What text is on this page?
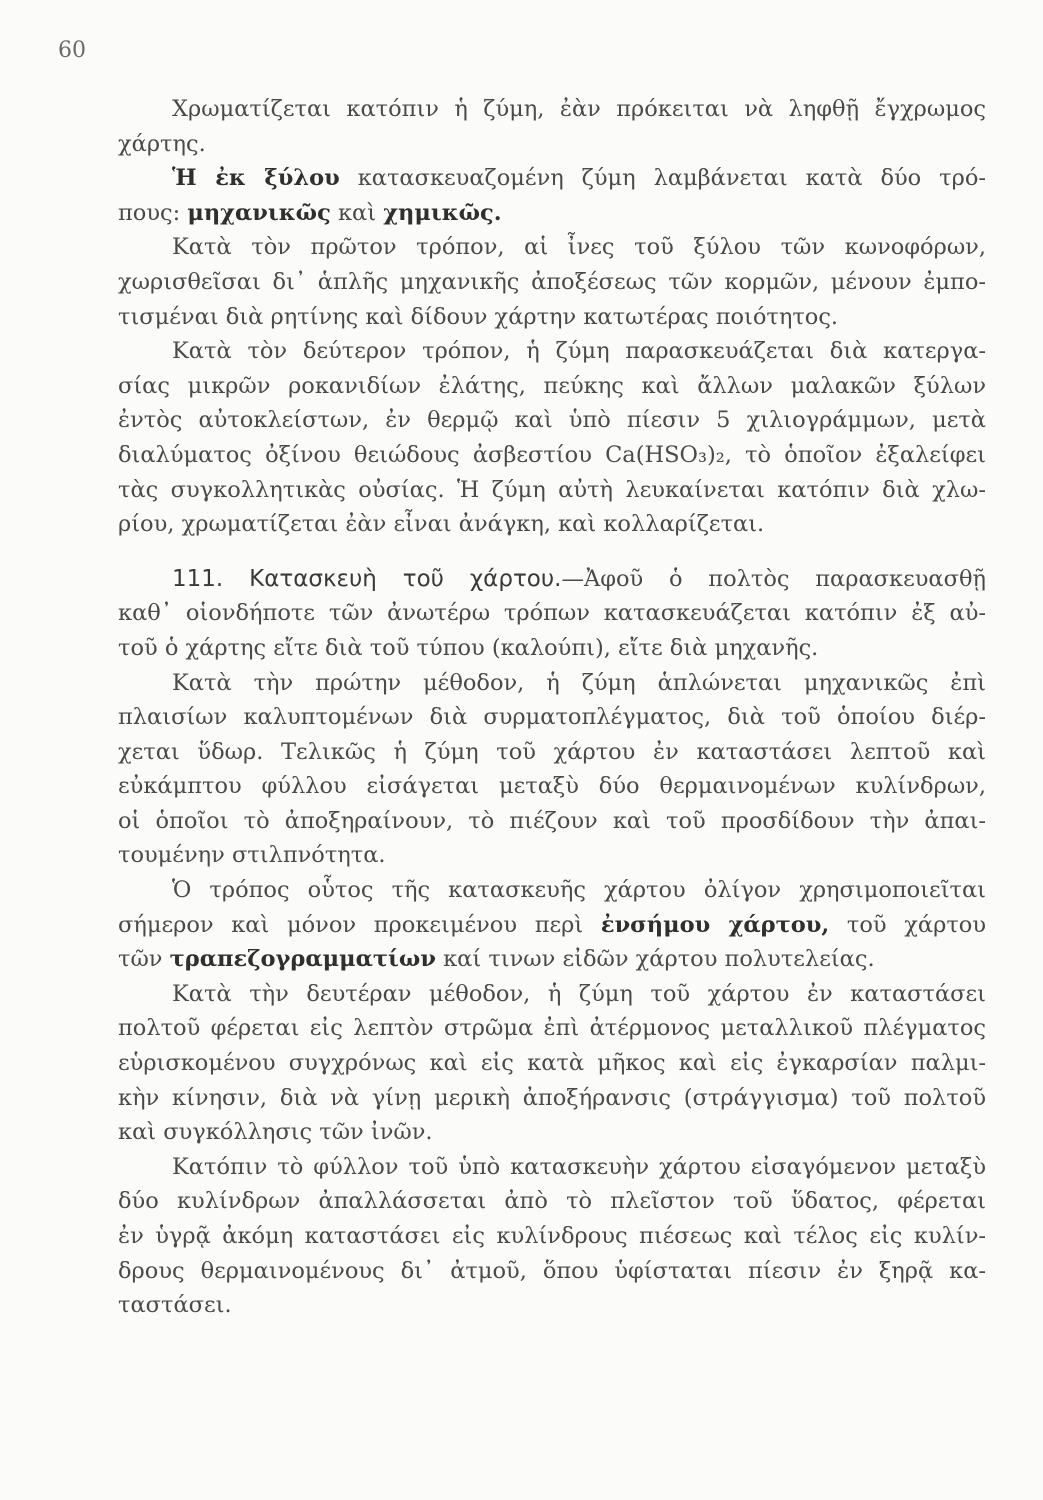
60
Χρωματίζεται κατόπιν ἡ ζύμη, ἐὰν πρόκειται νὰ ληφθῇ ἔγχρωμος
χάρτης.
Ἡ ἐκ ξύλου κατασκευαζομένη ζύμη λαμβάνεται κατὰ δύο τρό-
πους: μηχανικῶς καὶ χημικῶς.
Κατὰ τὸν πρῶτον τρόπον, αἱ ἶνες τοῦ ξύλου τῶν κωνοφόρων,
χωρισθεῖσαι δι᾽ ἁπλῆς μηχανικῆς ἀποξέσεως τῶν κορμῶν, μένουν ἐμπο-
τισμέναι διὰ ρητίνης καὶ δίδουν χάρτην κατωτέρας ποιότητος.
Κατὰ τὸν δεύτερον τρόπον, ἡ ζύμη παρασκευάζεται διὰ κατεργα-
σίας μικρῶν ροκανιδίων ἐλάτης, πεύκης καὶ ἄλλων μαλακῶν ξύλων
ἐντὸς αὐτοκλείστων, ἐν θερμῷ καὶ ὑπὸ πίεσιν 5 χιλιογράμμων, μετὰ
διαλύματος ὀξίνου θειώδους ἀσβεστίου Ca(HSO₃)₂, τὸ ὁποῖον ἐξαλείφει
τὰς συγκολλητικὰς οὐσίας. Ἡ ζύμη αὐτὴ λευκαίνεται κατόπιν διὰ χλω-
ρίου, χρωματίζεται ἐὰν εἶναι ἀνάγκη, καὶ κολλαρίζεται.
111. Κατασκευὴ τοῦ χάρτου.—Ἀφοῦ ὁ πολτὸς παρασκευασθῇ
καθ᾽ οἱονδήποτε τῶν ἀνωτέρω τρόπων κατασκευάζεται κατόπιν ἐξ αὐ-
τοῦ ὁ χάρτης εἴτε διὰ τοῦ τύπου (καλούπι), εἴτε διὰ μηχανῆς.
Κατὰ τὴν πρώτην μέθοδον, ἡ ζύμη ἁπλώνεται μηχανικῶς ἐπὶ
πλαισίων καλυπτομένων διὰ συρματοπλέγματος, διὰ τοῦ ὁποίου διέρ-
χεται ὕδωρ. Τελικῶς ἡ ζύμη τοῦ χάρτου ἐν καταστάσει λεπτοῦ καὶ
εὐκάμπτου φύλλου εἰσάγεται μεταξὺ δύο θερμαινομένων κυλίνδρων,
οἱ ὁποῖοι τὸ ἀποξηραίνουν, τὸ πιέζουν καὶ τοῦ προσδίδουν τὴν ἀπαι-
τουμένην στιλπνότητα.
Ὁ τρόπος οὗτος τῆς κατασκευῆς χάρτου ὀλίγον χρησιμοποιεῖται
σήμερον καὶ μόνον προκειμένου περὶ ἐνσήμου χάρτου, τοῦ χάρτου
τῶν τραπεζογραμματίων καί τινων εἰδῶν χάρτου πολυτελείας.
Κατὰ τὴν δευτέραν μέθοδον, ἡ ζύμη τοῦ χάρτου ἐν καταστάσει
πολτοῦ φέρεται εἰς λεπτὸν στρῶμα ἐπὶ ἀτέρμονος μεταλλικοῦ πλέγματος
εὑρισκομένου συγχρόνως καὶ εἰς κατὰ μῆκος καὶ εἰς ἐγκαρσίαν παλμι-
κὴν κίνησιν, διὰ νὰ γίνῃ μερικὴ ἀποξήρανσις (στράγγισμα) τοῦ πολτοῦ
καὶ συγκόλλησις τῶν ἰνῶν.
Κατόπιν τὸ φύλλον τοῦ ὑπὸ κατασκευὴν χάρτου εἰσαγόμενον μεταξὺ
δύο κυλίνδρων ἀπαλλάσσεται ἀπὸ τὸ πλεῖστον τοῦ ὕδατος, φέρεται
ἐν ὑγρᾷ ἀκόμη καταστάσει εἰς κυλίνδρους πιέσεως καὶ τέλος εἰς κυλίν-
δρους θερμαινομένους δι᾽ ἀτμοῦ, ὅπου ὑφίσταται πίεσιν ἐν ξηρᾷ κα-
ταστάσει.
